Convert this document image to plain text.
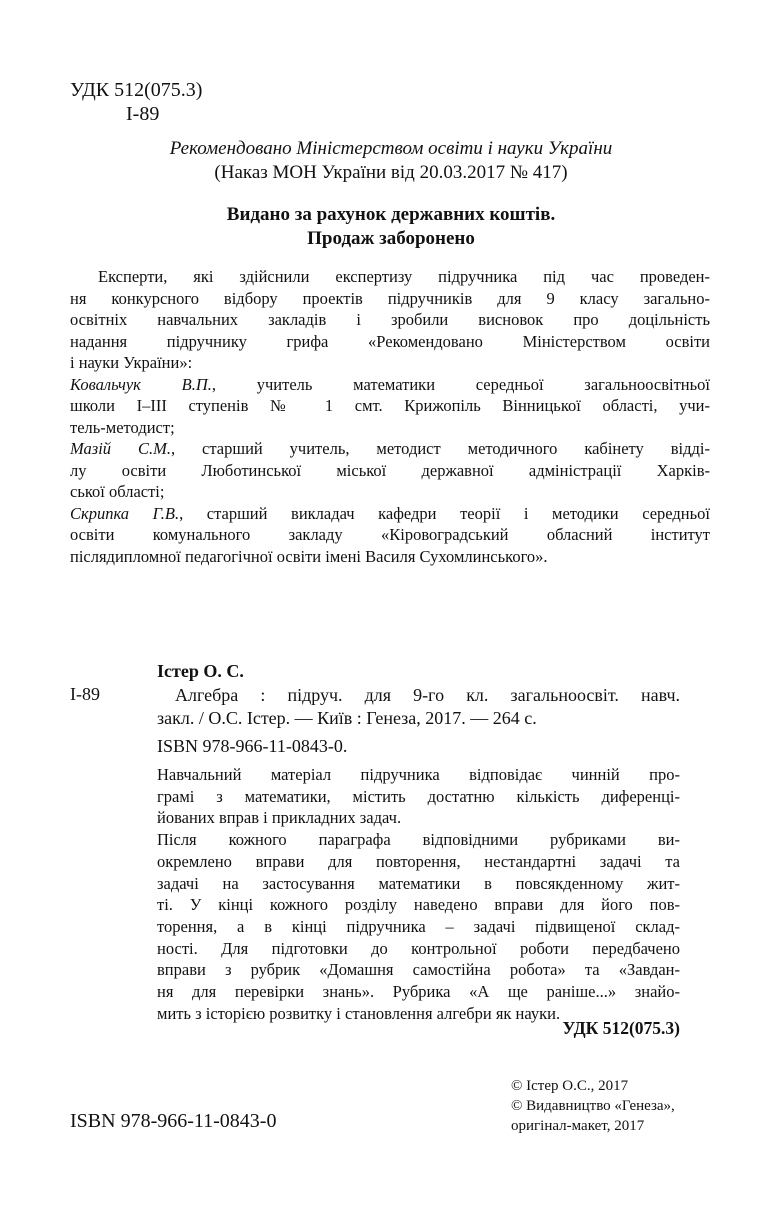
УДК 512(075.3)
І-89
Рекомендовано Міністерством освіти і науки України
(Наказ МОН України від 20.03.2017 № 417)
Видано за рахунок державних коштів.
Продаж заборонено
Експерти, які здійснили експертизу підручника під час проведен-
ня конкурсного відбору проектів підручників для 9 класу загально-
освітніх навчальних закладів і зробили висновок про доцільність
надання підручнику грифа «Рекомендовано Міністерством освіти
і науки України»:
Ковальчук В.П., учитель математики середньої загальноосвітньої
школи І–ІІІ ступенів № 1 смт. Крижопіль Вінницької області, учи-
тель-методист;
Мазій С.М., старший учитель, методист методичного кабінету відді-
лу освіти Люботинської міської державної адміністрації Харків-
ської області;
Скрипка Г.В., старший викладач кафедри теорії і методики середньої
освіти комунального закладу «Кіровоградський обласний інститут
післядипломної педагогічної освіти імені Василя Сухомлинського».
Істер О. С.
І-89	Алгебра : підруч. для 9-го кл. загальноосвіт. навч.
закл. / О.С. Істер. — Київ : Генеза, 2017. — 264 с.
ISBN 978-966-11-0843-0.
Навчальний матеріал підручника відповідає чинній про-
грамі з математики, містить достатню кількість диференці-
йованих вправ і прикладних задач.
Після кожного параграфа відповідними рубриками ви-
окремлено вправи для повторення, нестандартні задачі та
задачі на застосування математики в повсякденному жит-
ті. У кінці кожного розділу наведено вправи для його пов-
торення, а в кінці підручника – задачі підвищеної склад-
ності. Для підготовки до контрольної роботи передбачено
вправи з рубрик «Домашня самостійна робота» та «Завдан-
ня для перевірки знань». Рубрика «А ще раніше...» знайо-
мить з історією розвитку і становлення алгебри як науки.
УДК 512(075.3)
ISBN 978-966-11-0843-0
© Істер О.С., 2017
© Видавництво «Генеза»,
оригінал-макет, 2017
